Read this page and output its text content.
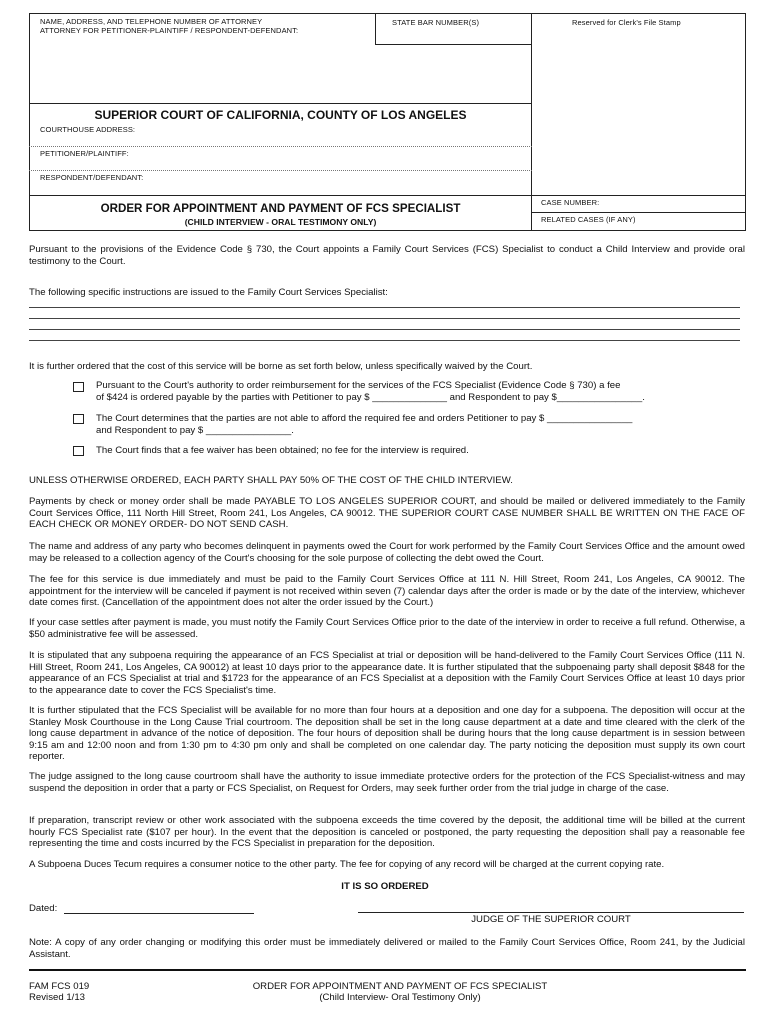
NAME, ADDRESS, AND TELEPHONE NUMBER OF ATTORNEY
ATTORNEY FOR PETITIONER-PLAINTIFF / RESPONDENT-DEFENDANT:
STATE BAR NUMBER(S)	Reserved for Clerk's File Stamp
SUPERIOR COURT OF CALIFORNIA, COUNTY OF LOS ANGELES
COURTHOUSE ADDRESS:
PETITIONER/PLAINTIFF:
RESPONDENT/DEFENDANT:
ORDER FOR APPOINTMENT AND PAYMENT OF FCS SPECIALIST
(CHILD INTERVIEW - ORAL TESTIMONY ONLY)
CASE NUMBER:
RELATED CASES (IF ANY)
Pursuant to the provisions of the Evidence Code § 730, the Court appoints a Family Court Services (FCS) Specialist to conduct a Child Interview and provide oral testimony to the Court.
The following specific instructions are issued to the Family Court Services Specialist:
It is further ordered that the cost of this service will be borne as set forth below, unless specifically waived by the Court.
Pursuant to the Court's authority to order reimbursement for the services of the FCS Specialist (Evidence Code § 730) a fee
of $424 is ordered payable by the parties with Petitioner to pay $ ______________ and Respondent to pay $________________.
The Court determines that the parties are not able to afford the required fee and orders Petitioner to pay $ ________________
and Respondent to pay $ ________________.
The Court finds that a fee waiver has been obtained; no fee for the interview is required.
UNLESS OTHERWISE ORDERED, EACH PARTY SHALL PAY 50% OF THE COST OF THE CHILD INTERVIEW.
Payments by check or money order shall be made PAYABLE TO LOS ANGELES SUPERIOR COURT, and should be mailed or delivered immediately to the Family Court Services Office, 111 North Hill Street, Room 241, Los Angeles, CA 90012. THE SUPERIOR COURT CASE NUMBER SHALL BE WRITTEN ON THE FACE OF EACH CHECK OR MONEY ORDER- DO NOT SEND CASH.
The name and address of any party who becomes delinquent in payments owed the Court for work performed by the Family Court Services Office and the amount owed may be released to a collection agency of the Court's choosing for the sole purpose of collecting the debt owed the Court.
The fee for this service is due immediately and must be paid to the Family Court Services Office at 111 N. Hill Street, Room 241, Los Angeles, CA 90012. The appointment for the interview will be canceled if payment is not received within seven (7) calendar days after the order is made or by the date of the interview, whichever date comes first. (Cancellation of the appointment does not alter the order issued by the Court.)
If your case settles after payment is made, you must notify the Family Court Services Office prior to the date of the interview in order to receive a full refund. Otherwise, a $50 administrative fee will be assessed.
It is stipulated that any subpoena requiring the appearance of an FCS Specialist at trial or deposition will be hand-delivered to the Family Court Services Office (111 N. Hill Street, Room 241, Los Angeles, CA 90012) at least 10 days prior to the appearance date. It is further stipulated that the subpoenaing party shall deposit $848 for the appearance of an FCS Specialist at trial and $1723 for the appearance of an FCS Specialist at a deposition with the Family Court Services Office at least 10 days prior to the appearance date to cover the FCS Specialist's time.
It is further stipulated that the FCS Specialist will be available for no more than four hours at a deposition and one day for a subpoena. The deposition will occur at the Stanley Mosk Courthouse in the Long Cause Trial courtroom. The deposition shall be set in the long cause department at a date and time cleared with the clerk of the long cause department in advance of the notice of deposition. The four hours of deposition shall be during hours that the long cause department is in session between 9:15 am and 12:00 noon and from 1:30 pm to 4:30 pm only and shall be completed on one calendar day. The party noticing the deposition must supply its own court reporter.
The judge assigned to the long cause courtroom shall have the authority to issue immediate protective orders for the protection of the FCS Specialist-witness and may suspend the deposition in order that a party or FCS Specialist, on Request for Orders, may seek further order from the trial judge in charge of the case.
If preparation, transcript review or other work associated with the subpoena exceeds the time covered by the deposit, the additional time will be billed at the current hourly FCS Specialist rate ($107 per hour). In the event that the deposition is canceled or postponed, the party requesting the deposition shall pay a reasonable fee representing the time and costs incurred by the FCS Specialist in preparation for the deposition.
A Subpoena Duces Tecum requires a consumer notice to the other party. The fee for copying of any record will be charged at the current copying rate.
IT IS SO ORDERED
Dated:
JUDGE OF THE SUPERIOR COURT
Note: A copy of any order changing or modifying this order must be immediately delivered or mailed to the Family Court Services Office, Room 241, by the Judicial Assistant.
FAM FCS 019
Revised 1/13
ORDER FOR APPOINTMENT AND PAYMENT OF FCS SPECIALIST
(Child Interview- Oral Testimony Only)
